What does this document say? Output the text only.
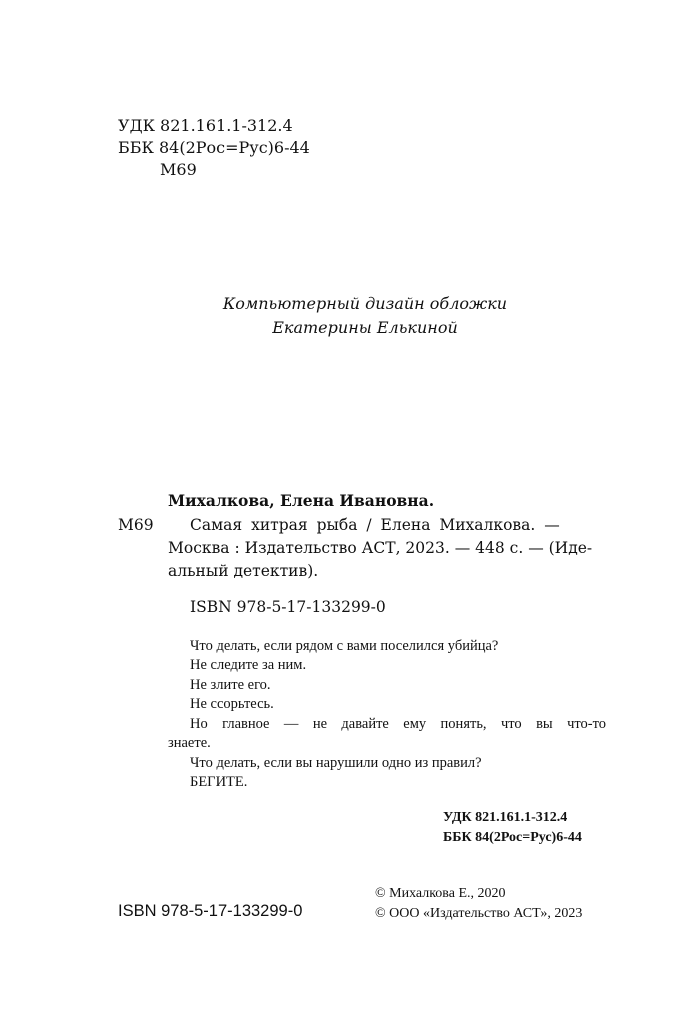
УДК 821.161.1-312.4
ББК 84(2Рос=Рус)6-44
М69
Компьютерный дизайн обложки
Екатерины Елькиной
Михалкова, Елена Ивановна.
М69 Самая хитрая рыба / Елена Михалкова. —
Москва : Издательство АСТ, 2023. — 448 с. — (Иде-
альный детектив).
ISBN 978-5-17-133299-0
Что делать, если рядом с вами поселился убийца?
Не следите за ним.
Не злите его.
Не ссорьтесь.
Но главное — не давайте ему понять, что вы что-то
знаете.
Что делать, если вы нарушили одно из правил?
БЕГИТЕ.
УДК 821.161.1-312.4
ББК 84(2Рос=Рус)6-44
ISBN 978-5-17-133299-0
© Михалкова Е., 2020
© ООО «Издательство АСТ», 2023
